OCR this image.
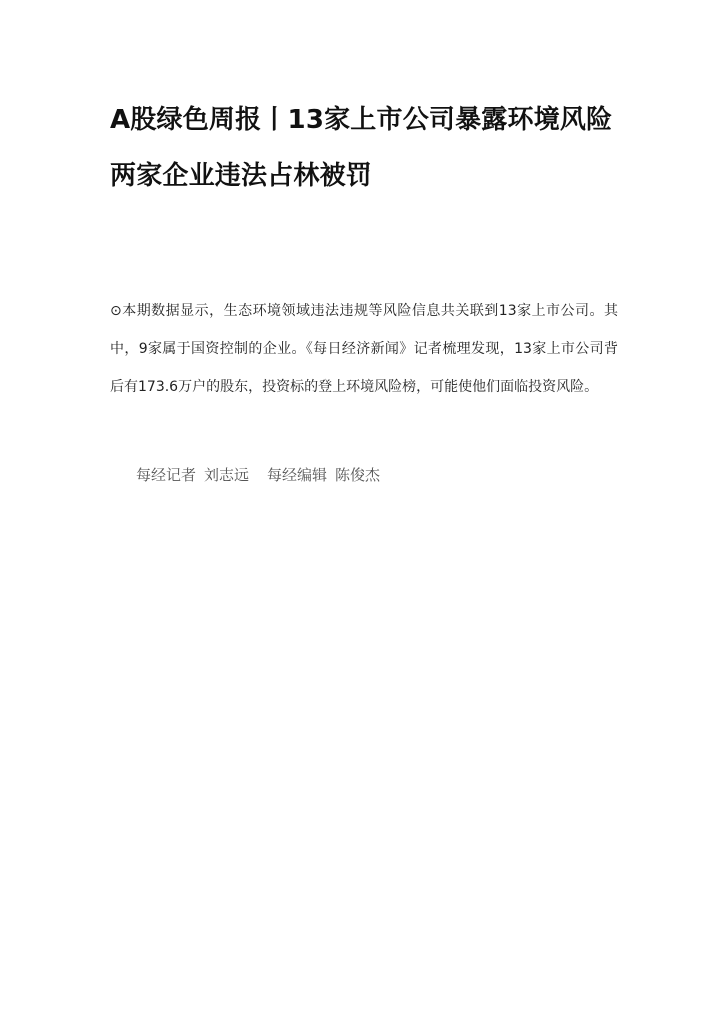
A股绿色周报丨13家上市公司暴露环境风险 两家企业违法占林被罚

⊙本期数据显示，生态环境领域违法违规等风险信息共关联到13家上市公司。其中，9家属于国资控制的企业。《每日经济新闻》记者梳理发现，13家上市公司背后有173.6万户的股东，投资标的登上环境风险榜，可能使他们面临投资风险。

每经记者 刘志远 每经编辑 陈俊杰
